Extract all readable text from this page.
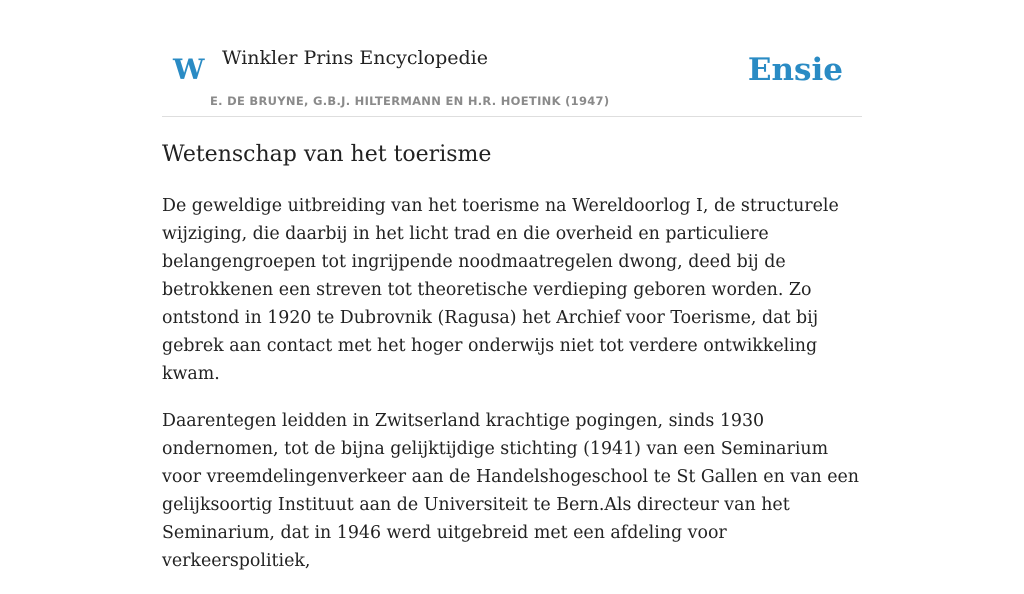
W Winkler Prins Encyclopedie
E. DE BRUYNE, G.B.J. HILTERMANN EN H.R. HOETINK (1947)
Ensie
Wetenschap van het toerisme

De geweldige uitbreiding van het toerisme na Wereldoorlog I, de structurele wijziging, die daarbij in het licht trad en die overheid en particuliere belangengroepen tot ingrijpende noodmaatregelen dwong, deed bij de betrokkenen een streven tot theoretische verdieping geboren worden. Zo ontstond in 1920 te Dubrovnik (Ragusa) het Archief voor Toerisme, dat bij gebrek aan contact met het hoger onderwijs niet tot verdere ontwikkeling kwam.

Daarentegen leidden in Zwitserland krachtige pogingen, sinds 1930 ondernomen, tot de bijna gelijktijdige stichting (1941) van een Seminarium voor vreemdelingenverkeer aan de Handelshogeschool te St Gallen en van een gelijksoortig Instituut aan de Universiteit te Bern.Als directeur van het Seminarium, dat in 1946 werd uitgebreid met een afdeling voor verkeerspolitiek,
